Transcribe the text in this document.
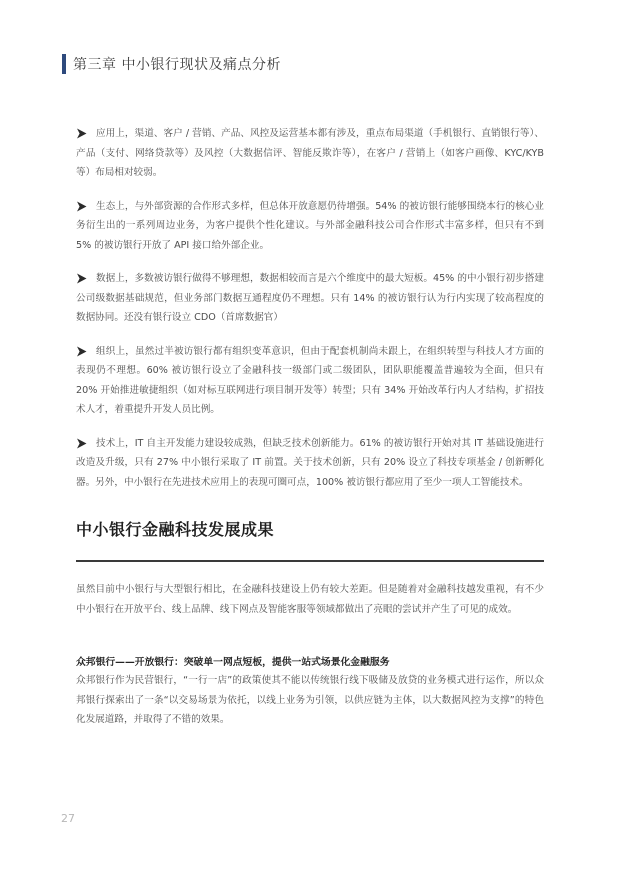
第三章 中小银行现状及痛点分析
应用上，渠道、客户 / 营销、产品、风控及运营基本都有涉及，重点布局渠道（手机银行、直销银行等）、产品（支付、网络贷款等）及风控（大数据信评、智能反欺诈等），在客户 / 营销上（如客户画像、KYC/KYB 等）布局相对较弱。
生态上，与外部资源的合作形式多样，但总体开放意愿仍待增强。54% 的被访银行能够围绕本行的核心业务衍生出的一系列周边业务，为客户提供个性化建议。与外部金融科技公司合作形式丰富多样，但只有不到 5% 的被访银行开放了 API 接口给外部企业。
数据上，多数被访银行做得不够理想，数据相较而言是六个维度中的最大短板。45% 的中小银行初步搭建公司级数据基础规范，但业务部门数据互通程度仍不理想。只有 14% 的被访银行认为行内实现了较高程度的数据协同。还没有银行设立 CDO（首席数据官）
组织上，虽然过半被访银行都有组织变革意识，但由于配套机制尚未跟上，在组织转型与科技人才方面的表现仍不理想。60% 被访银行设立了金融科技一级部门或二级团队，团队职能覆盖普遍较为全面，但只有 20% 开始推进敏捷组织（如对标互联网进行项目制开发等）转型；只有 34% 开始改革行内人才结构，扩招技术人才，着重提升开发人员比例。
技术上，IT 自主开发能力建设较成熟，但缺乏技术创新能力。61% 的被访银行开始对其 IT 基础设施进行改造及升级，只有 27% 中小银行采取了 IT 前置。关于技术创新，只有 20% 设立了科技专项基金 / 创新孵化器。另外，中小银行在先进技术应用上的表现可圈可点，100% 被访银行都应用了至少一项人工智能技术。
中小银行金融科技发展成果
虽然目前中小银行与大型银行相比，在金融科技建设上仍有较大差距。但是随着对金融科技越发重视，有不少中小银行在开放平台、线上品牌、线下网点及智能客服等领域都做出了亮眼的尝试并产生了可见的成效。
众邦银行——开放银行：突破单一网点短板，提供一站式场景化金融服务
众邦银行作为民营银行，“一行一店”的政策使其不能以传统银行线下吸储及放贷的业务模式进行运作，所以众邦银行探索出了一条“以交易场景为依托，以线上业务为引领，以供应链为主体，以大数据风控为支撑”的特色化发展道路，并取得了不错的效果。
27
